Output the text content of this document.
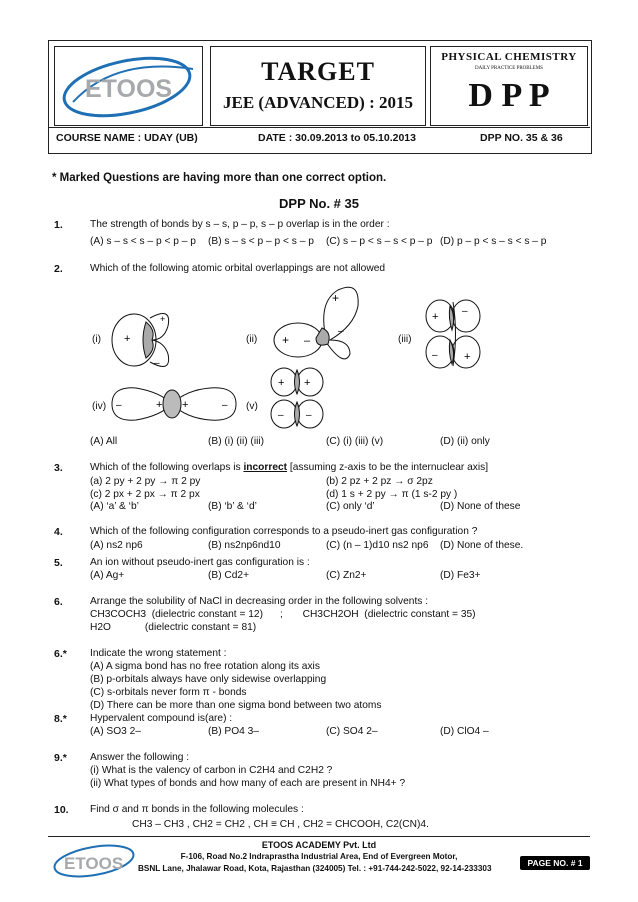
ETOOS
TARGET
JEE (ADVANCED) : 2015
PHYSICAL CHEMISTRY
DAILY PRACTICE PROBLEMS
D P P
COURSE NAME : UDAY (UB)	DATE : 30.09.2013 to 05.10.2013	DPP NO. 35 & 36
* Marked Questions are having more than one correct option.
DPP No. # 35
1.	The strength of bonds by s – s, p – p, s – p overlap is in the order :
(A) s – s < s – p < p – p (B) s – s < p – p < s – p (C) s – p < s – s < p – p (D) p – p < s – s < s – p
2.	Which of the following atomic orbital overlappings are not allowed
(i)	(ii)	(iii)
(iv)	(v)
+
+
–
+ –
+
–
+ –
– +
–	+ +	–
+ +
– –
(A) All	(B) (i) (ii) (iii)	(C) (i) (iii) (v)	(D) (ii) only
3.	Which of the following overlaps is incorrect [assuming z-axis to be the internuclear axis]
(a) 2 py + 2 py → π 2 py	(b) 2 pz + 2 pz → σ 2pz
(c) 2 px + 2 px → π 2 px	(d) 1 s + 2 py → π (1 s-2 py )
(A) ‘a’ & ‘b’	(B) ‘b’ & ‘d’	(C) only ‘d’	(D) None of these
4.	Which of the following configuration corresponds to a pseudo-inert gas configuration ?
(A) ns2 np6	(B) ns2np6nd10	(C) (n – 1)d10 ns2 np6 (D) None of these.
5.	An ion without pseudo-inert gas configuration is :
(A) Ag+	(B) Cd2+	(C) Zn2+	(D) Fe3+
6.	Arrange the solubility of NaCl in decreasing order in the following solvents :
CH3COCH3  (dielectric constant = 12)      ;       CH3CH2OH  (dielectric constant = 35)
H2O            (dielectric constant = 81)
6.* Indicate the wrong statement :
(A) A sigma bond has no free rotation along its axis
(B) p-orbitals always have only sidewise overlapping
(C) s-orbitals never form π - bonds
(D) There can be more than one sigma bond between two atoms
8.* Hypervalent compound is(are) :
(A) SO3 2–	(B) PO4 3–	(C) SO4 2–	(D) ClO4 –
9.* Answer the following :
(i) What is the valency of carbon in C2H4 and C2H2 ?
(ii) What types of bonds and how many of each are present in NH4+ ?
10. Find σ and π bonds in the following molecules :
CH3 – CH3 , CH2 = CH2 , CH ≡ CH , CH2 = CHCOOH, C2(CN)4.
ETOOS
ETOOS ACADEMY Pvt. Ltd
F-106, Road No.2 Indraprastha Industrial Area, End of Evergreen Motor,
BSNL Lane, Jhalawar Road, Kota, Rajasthan (324005) Tel. : +91-744-242-5022, 92-14-233303
PAGE NO. # 1
